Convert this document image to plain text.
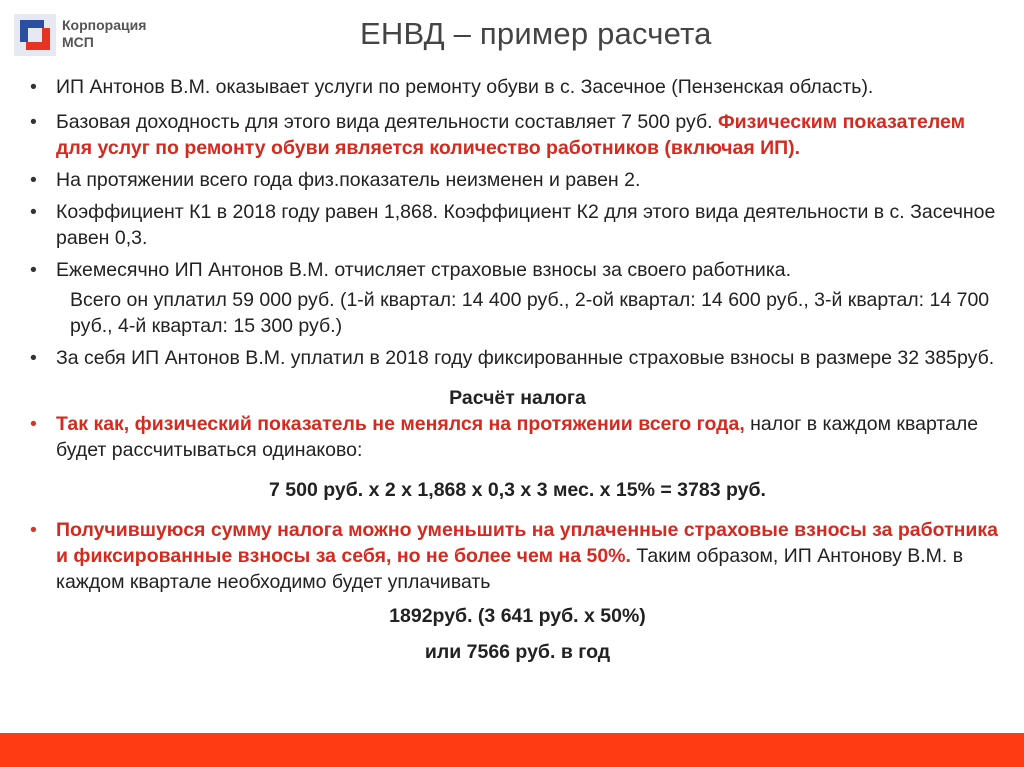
Корпорация
МСП	ЕНВД – пример расчета
• ИП Антонов В.М. оказывает услуги по ремонту обуви в с. Засечное (Пензенская область).
• Базовая доходность для этого вида деятельности составляет 7 500 руб. Физическим показателем для услуг по ремонту обуви является количество работников (включая ИП).
• На протяжении всего года физ.показатель неизменен и равен 2.
• Коэффициент К1 в 2018 году равен 1,868. Коэффициент К2 для этого вида деятельности в с. Засечное равен 0,3.
• Ежемесячно ИП Антонов В.М. отчисляет страховые взносы за своего работника.
Всего он уплатил 59 000 руб. (1-й квартал: 14 400 руб., 2-ой квартал: 14 600 руб., 3-й квартал: 14 700 руб., 4-й квартал: 15 300 руб.)
• За себя ИП Антонов В.М. уплатил в 2018 году фиксированные страховые взносы в размере 32 385руб.
Расчёт налога
• Так как, физический показатель не менялся на протяжении всего года, налог в каждом квартале будет рассчитываться одинаково:
7 500 руб. х 2 х 1,868 х 0,3 х 3 мес. х 15% = 3783 руб.
• Получившуюся сумму налога можно уменьшить на уплаченные страховые взносы за работника и фиксированные взносы за себя, но не более чем на 50%. Таким образом, ИП Антонову В.М. в каждом квартале необходимо будет уплачивать
1892руб. (3 641 руб. х 50%)
или 7566 руб. в год
